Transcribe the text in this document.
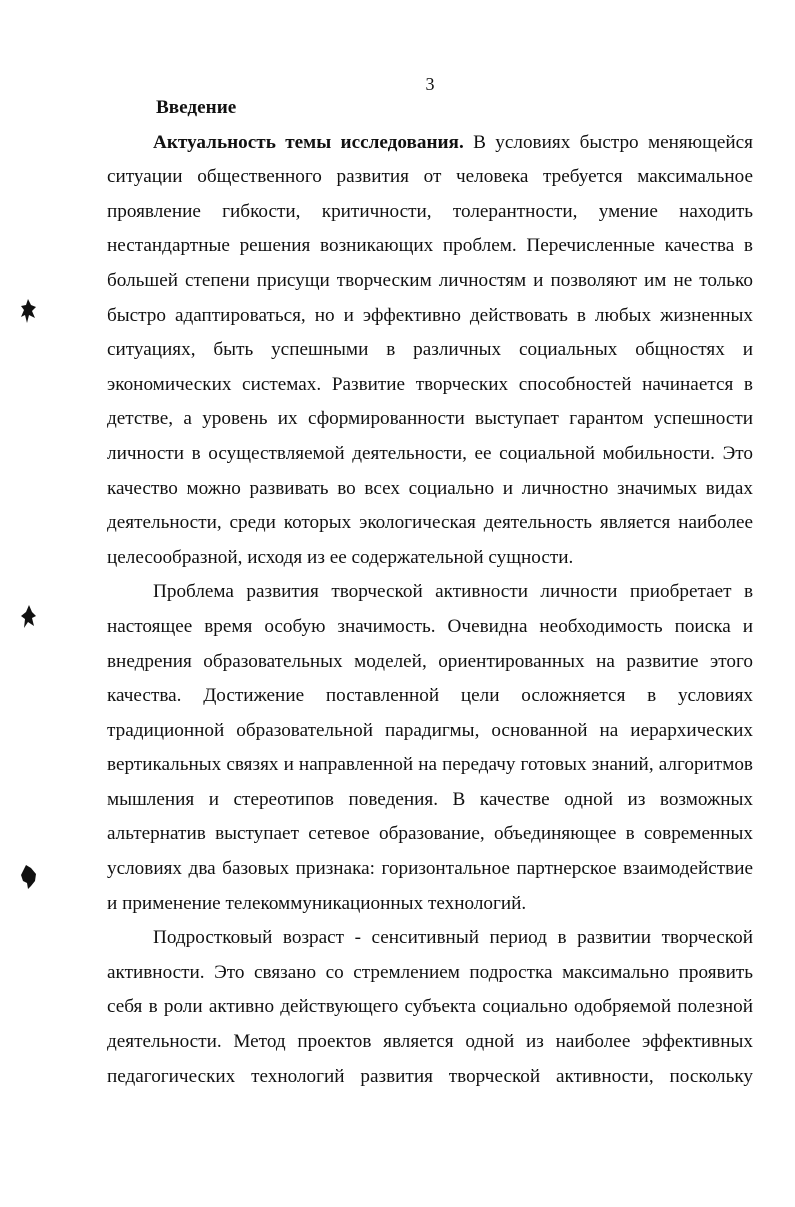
3
Введение
Актуальность темы исследования. В условиях быстро меняющейся
ситуации общественного развития от человека требуется максимальное
проявление гибкости, критичности, толерантности, умение находить
нестандартные решения возникающих проблем. Перечисленные качества в
большей степени присущи творческим личностям и позволяют им не только
быстро адаптироваться, но и эффективно действовать в любых жизненных
ситуациях, быть успешными в различных социальных общностях и
экономических системах. Развитие творческих способностей начинается в
детстве, а уровень их сформированности выступает гарантом успешности
личности в осуществляемой деятельности, ее социальной мобильности. Это
качество можно развивать во всех социально и личностно значимых видах
деятельности, среди которых экологическая деятельность является наиболее
целесообразной, исходя из ее содержательной сущности.
Проблема развития творческой активности личности приобретает в
настоящее время особую значимость. Очевидна необходимость поиска и
внедрения образовательных моделей, ориентированных на развитие этого
качества. Достижение поставленной цели осложняется в условиях
традиционной образовательной парадигмы, основанной на иерархических
вертикальных связях и направленной на передачу готовых знаний, алгоритмов
мышления и стереотипов поведения. В качестве одной из возможных
альтернатив выступает сетевое образование, объединяющее в современных
условиях два базовых признака: горизонтальное партнерское взаимодействие
и применение телекоммуникационных технологий.
Подростковый возраст - сенситивный период в развитии творческой
активности. Это связано со стремлением подростка максимально проявить
себя в роли активно действующего субъекта социально одобряемой полезной
деятельности. Метод проектов является одной из наиболее эффективных
педагогических технологий развития творческой активности, поскольку
